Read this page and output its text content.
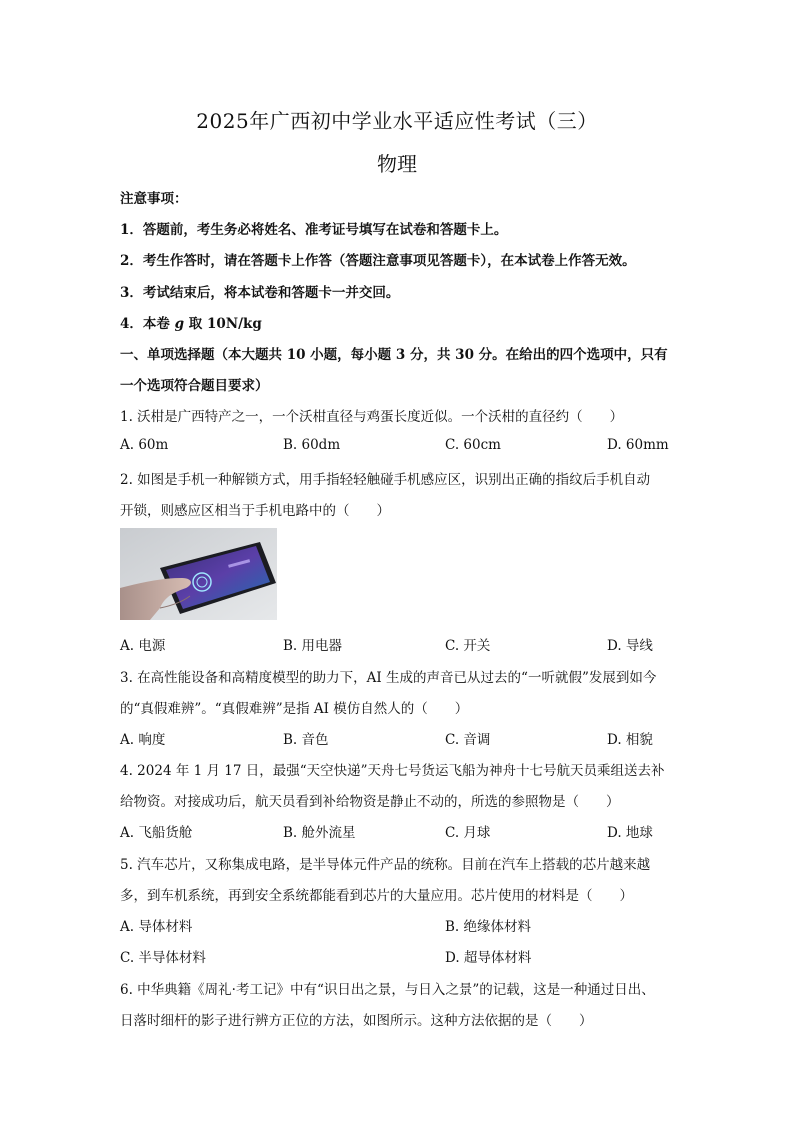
2025年广西初中学业水平适应性考试（三）
物理
注意事项：
1．答题前，考生务必将姓名、准考证号填写在试卷和答题卡上。
2．考生作答时，请在答题卡上作答（答题注意事项见答题卡），在本试卷上作答无效。
3．考试结束后，将本试卷和答题卡一并交回。
4．本卷 g 取 10N/kg
一、单项选择题（本大题共 10 小题，每小题 3 分，共 30 分。在给出的四个选项中，只有
一个选项符合题目要求）
1. 沃柑是广西特产之一，一个沃柑直径与鸡蛋长度近似。一个沃柑的直径约（　　）
A. 60m	B. 60dm	C. 60cm	D. 60mm
2. 如图是手机一种解锁方式，用手指轻轻触碰手机感应区，识别出正确的指纹后手机自动
开锁，则感应区相当于手机电路中的（　　）
A. 电源	B. 用电器	C. 开关	D. 导线
3. 在高性能设备和高精度模型的助力下，AI 生成的声音已从过去的“一听就假”发展到如今
的“真假难辨”。“真假难辨”是指 AI 模仿自然人的（　　）
A. 响度	B. 音色	C. 音调	D. 相貌
4. 2024 年 1 月 17 日，最强“天空快递”天舟七号货运飞船为神舟十七号航天员乘组送去补
给物资。对接成功后，航天员看到补给物资是静止不动的，所选的参照物是（　　）
A. 飞船货舱	B. 舱外流星	C. 月球	D. 地球
5. 汽车芯片，又称集成电路，是半导体元件产品的统称。目前在汽车上搭载的芯片越来越
多，到车机系统，再到安全系统都能看到芯片的大量应用。芯片使用的材料是（　　）
A. 导体材料	B. 绝缘体材料
C. 半导体材料	D. 超导体材料
6. 中华典籍《周礼·考工记》中有“识日出之景，与日入之景”的记载，这是一种通过日出、
日落时细杆的影子进行辨方正位的方法，如图所示。这种方法依据的是（　　）
